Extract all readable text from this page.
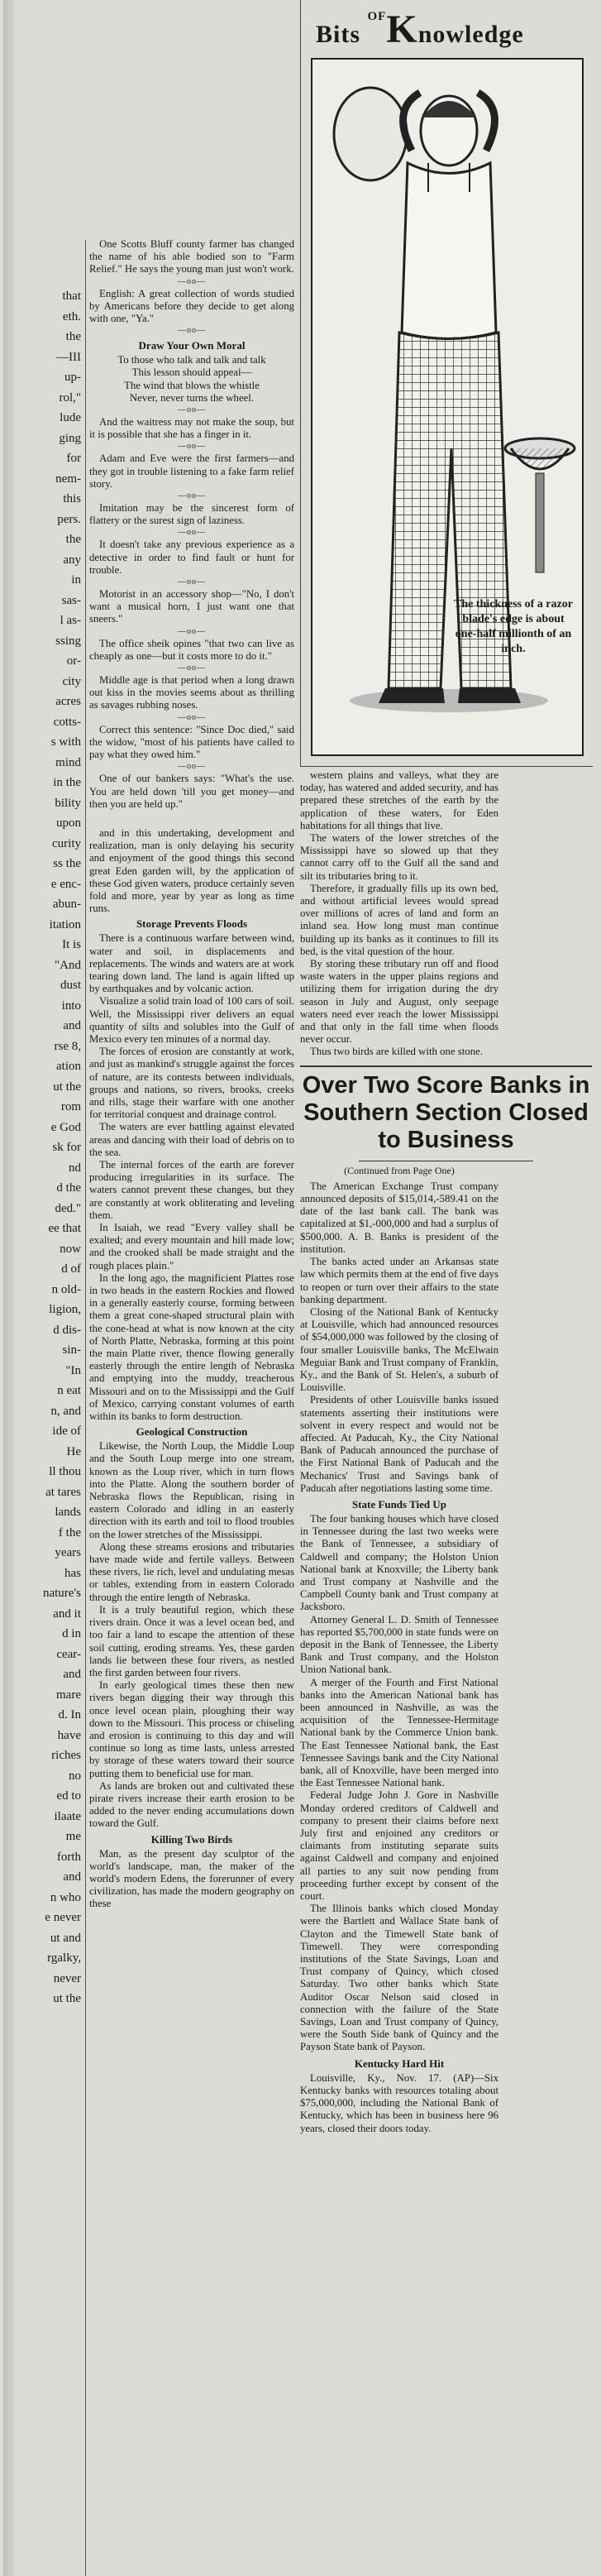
that
eth.
the
—III
up-
rol,"
lude
ging
for
nem-
this
pers.
the
any
in
sas-
l as-
ssing
or-
city
acres
cotts-
s with
mind
in the
bility
upon
curity
ss the
e enc-
abun-
itation
It is
"And
dust
into
and
rse 8,
ation
ut the
rom
e God
sk for
nd
d the
ded."
ee that
now
d of
n old-
ligion,
d dis-
sin-
"In
n eat
n, and
ide of
He
ll thou
at tares
lands
f the
years
has
nature's
and it
d in
cear-
and
mare
d. In
have
riches
no
ed to
ilaate
me
forth
and
n who
e never
ut and
rgalky,
never
ut the
Bits $^{OF}$Knowledge
The thickness of a razor blade's edge is about one-half millionth of an inch.

One Scotts Bluff county farmer has changed the name of his able bodied son to "Farm Relief." He says the young man just won't work.

—oo—

English: A great collection of words studied by Americans before they decide to get along with one, "Ya."

—oo—
Draw Your Own Moral

To those who talk and talk and talk

This lesson should appeal—

The wind that blows the whistle

Never, never turns the wheel.

—oo—

And the waitress may not make the soup, but it is possible that she has a finger in it.

—oo—

Adam and Eve were the first farmers—and they got in trouble listening to a fake farm relief story.

—oo—

Imitation may be the sincerest form of flattery or the surest sign of laziness.

—oo—

It doesn't take any previous experience as a detective in order to find fault or hunt for trouble.

—oo—

Motorist in an accessory shop—"No, I don't want a musical horn, I just want one that sneers."

—oo—

The office sheik opines "that two can live as cheaply as one—but it costs more to do it."

—oo—

Middle age is that period when a long drawn out kiss in the movies seems about as thrilling as savages rubbing noses.

—oo—

Correct this sentence: "Since Doc died," said the widow, "most of his patients have called to pay what they owed him."

—oo—

One of our bankers says: "What's the use. You are held down 'till you get money—and then you are held up."

and in this undertaking, development and realization, man is only delaying his security and enjoyment of the good things this second great Eden garden will, by the application of these God given waters, produce certainly seven fold and more, year by year as long as time runs.

Storage Prevents Floods

There is a continuous warfare between wind, water and soil, in displacements and replacements. The winds and waters are at work tearing down land. The land is again lifted up by earthquakes and by volcanic action.

Visualize a solid train load of 100 cars of soil. Well, the Mississippi river delivers an equal quantity of silts and solubles into the Gulf of Mexico every ten minutes of a normal day.

The forces of erosion are constantly at work, and just as mankind's struggle against the forces of nature, are its contests between individuals, groups and nations, so rivers, brooks, creeks and rills, stage their warfare with one another for territorial conquest and drainage control.

The waters are ever battling against elevated areas and dancing with their load of debris on to the sea.

The internal forces of the earth are forever producing irregularities in its surface. The waters cannot prevent these changes, but they are constantly at work obliterating and leveling them.

In Isaiah, we read "Every valley shall be exalted; and every mountain and hill made low; and the crooked shall be made straight and the rough places plain."

In the long ago, the magnificient Plattes rose in two heads in the eastern Rockies and flowed in a generally easterly course, forming between them a great cone-shaped structural plain with the cone-head at what is now known at the city of North Platte, Nebraska, forming at this point the main Platte river, thence flowing generally easterly through the entire length of Nebraska and emptying into the muddy, treacherous Missouri and on to the Mississippi and the Gulf of Mexico, carrying constant volumes of earth within its banks to form destruction.

Geological Construction

Likewise, the North Loup, the Middle Loup and the South Loup merge into one stream, known as the Loup river, which in turn flows into the Platte. Along the southern border of Nebraska flows the Republican, rising in eastern Colorado and idling in an easterly direction with its earth and toil to flood troubles on the lower stretches of the Mississippi.

Along these streams erosions and tributaries have made wide and fertile valleys. Between these rivers, lie rich, level and undulating mesas or tables, extending from in eastern Colorado through the entire length of Nebraska.

It is a truly beautiful region, which these rivers drain. Once it was a level ocean bed, and too fair a land to escape the attention of these soil cutting, eroding streams. Yes, these garden lands lie between these four rivers, as nestled the first garden between four rivers.

In early geological times these then new rivers began digging their way through this once level ocean plain, ploughing their way down to the Missouri. This process or chiseling and erosion is continuing to this day and will continue so long as time lasts, unless arrested by storage of these waters toward their source putting them to beneficial use for man.

As lands are broken out and cultivated these pirate rivers increase their earth erosion to be added to the never ending accumulations down toward the Gulf.

Killing Two Birds

Man, as the present day sculptor of the world's landscape, man, the maker of the world's modern Edens, the forerunner of every civilization, has made the modern geography on these

western plains and valleys, what they are today, has watered and added security, and has prepared these stretches of the earth by the application of these waters, for Eden habitations for all things that live.

The waters of the lower stretches of the Mississippi have so slowed up that they cannot carry off to the Gulf all the sand and silt its tributaries bring to it.

Therefore, it gradually fills up its own bed, and without artificial levees would spread over millions of acres of land and form an inland sea. How long must man continue building up its banks as it continues to fill its bed, is the vital question of the hour.

By storing these tributary run off and flood waste waters in the upper plains regions and utilizing them for irrigation during the dry season in July and August, only seepage waters need ever reach the lower Mississippi and that only in the fall time when floods never occur.

Thus two birds are killed with one stone.

Over Two Score Banks in Southern Section Closed to Business

(Continued from Page One)

The American Exchange Trust company announced deposits of $15,014,-589.41 on the date of the last bank call. The bank was capitalized at $1,-000,000 and had a surplus of $500,000. A. B. Banks is president of the institution.

The banks acted under an Arkansas state law which permits them at the end of five days to reopen or turn over their affairs to the state banking department.

Closing of the National Bank of Kentucky at Louisville, which had announced resources of $54,000,000 was followed by the closing of four smaller Louisville banks, The McElwain Meguiar Bank and Trust company of Franklin, Ky., and the Bank of St. Helen's, a suburb of Louisville.

Presidents of other Louisville banks issued statements asserting their institutions were solvent in every respect and would not be affected. At Paducah, Ky., the City National Bank of Paducah announced the purchase of the First National Bank of Paducah and the Mechanics' Trust and Savings bank of Paducah after negotiations lasting some time.

State Funds Tied Up

The four banking houses which have closed in Tennessee during the last two weeks were the Bank of Tennessee, a subsidiary of Caldwell and company; the Holston Union National bank at Knoxville; the Liberty bank and Trust company at Nashville and the Campbell County bank and Trust company at Jacksboro.

Attorney General L. D. Smith of Tennessee has reported $5,700,000 in state funds were on deposit in the Bank of Tennessee, the Liberty Bank and Trust company, and the Holston Union National bank.

A merger of the Fourth and First National banks into the American National bank has been announced in Nashville, as was the acquisition of the Tennessee-Hermitage National bank by the Commerce Union bank. The East Tennessee National bank, the East Tennessee Savings bank and the City National bank, all of Knoxville, have been merged into the East Tennessee National bank.

Federal Judge John J. Gore in Nashville Monday ordered creditors of Caldwell and company to present their claims before next July first and enjoined any creditors or claimants from instituting separate suits against Caldwell and company and enjoined all parties to any suit now pending from proceeding further except by consent of the court.

The Illinois banks which closed Monday were the Bartlett and Wallace State bank of Clayton and the Timewell State bank of Timewell. They were corresponding institutions of the State Savings, Loan and Trust company of Quincy, which closed Saturday. Two other banks which State Auditor Oscar Nelson said closed in connection with the failure of the State Savings, Loan and Trust company of Quincy, were the South Side bank of Quincy and the Payson State bank of Payson.

Kentucky Hard Hit

Louisville, Ky., Nov. 17. (AP)—Six Kentucky banks with resources totaling about $75,000,000, including the National Bank of Kentucky, which has been in business here 96 years, closed their doors today.
